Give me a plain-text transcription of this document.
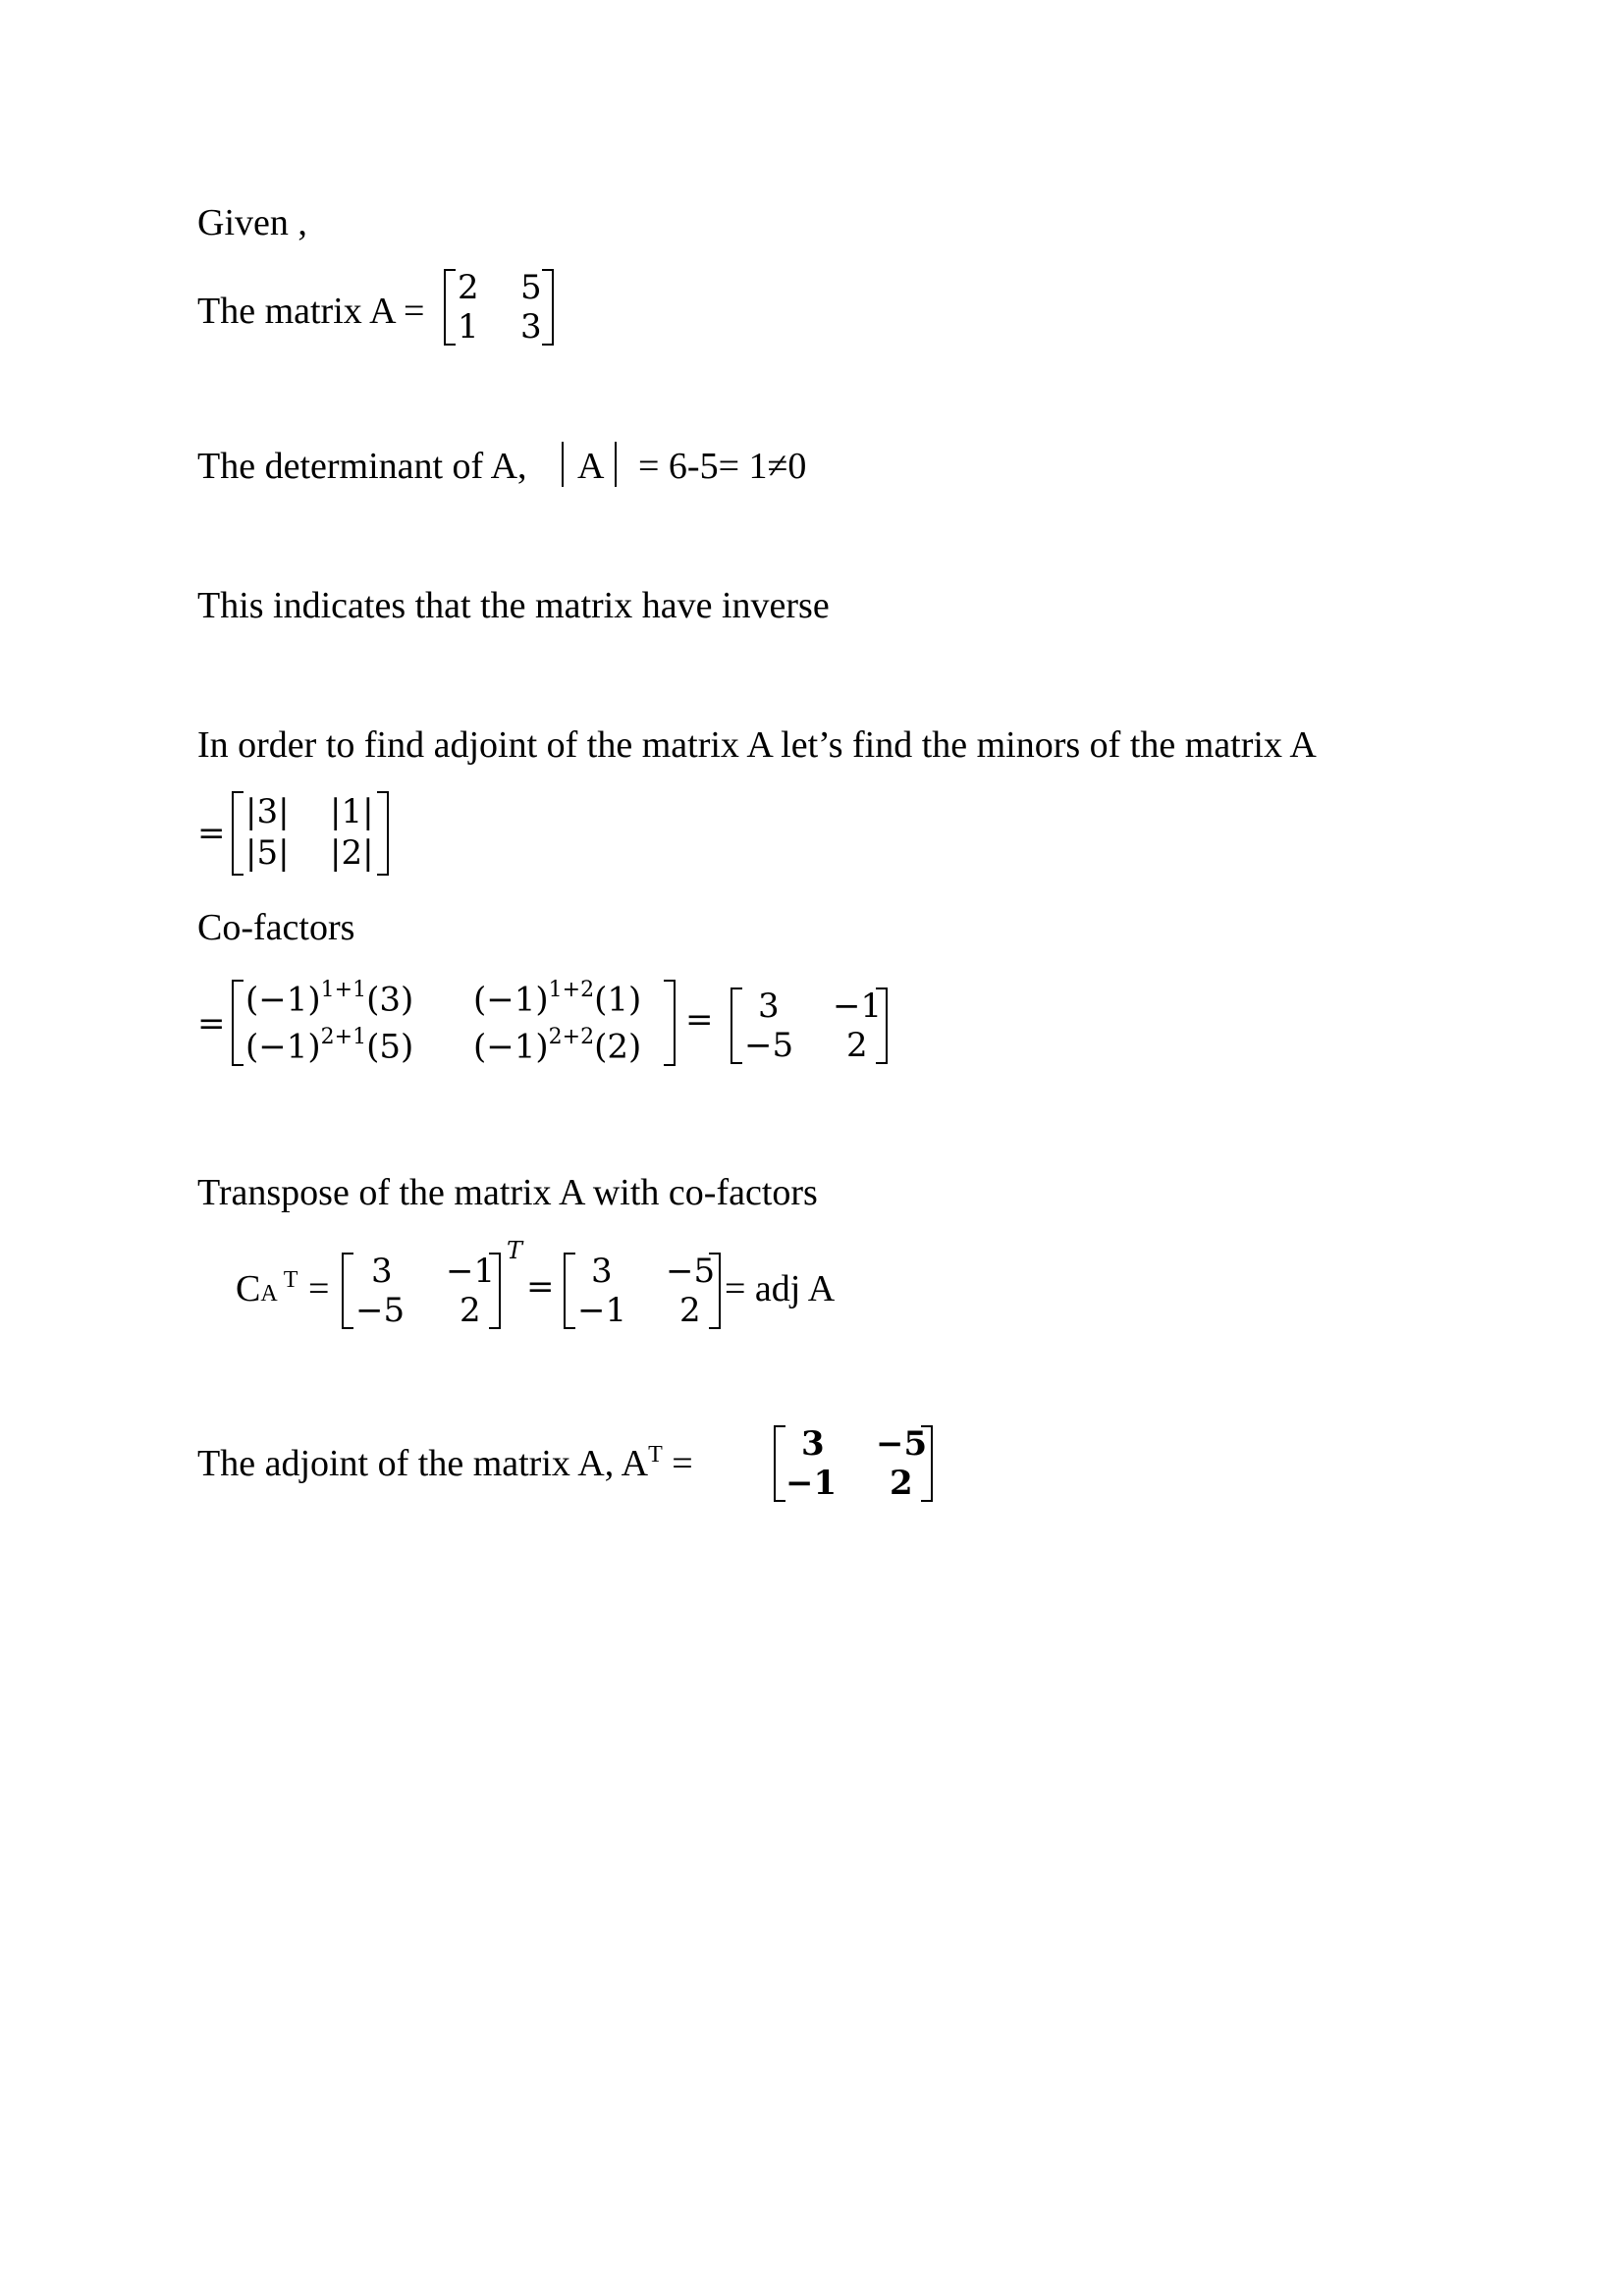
Given ,
The matrix A =
2 5
1 3
The determinant of A, A = 6-5= 1≠0
This indicates that the matrix have inverse
In order to find adjoint of the matrix A let’s find the minors of the matrix A
=
|3| |1|
|5| |2|
Co-factors
=
$(-1)^{1+1}(3)$ $(-1)^{1+2}(1)$
$(-1)^{2+1}(5)$ $(-1)^{2+2}(2)$
= 3 −1
−5 2
Transpose of the matrix A with co-factors
$CA^T = 3 -1$
−5 2
T
= 3 −5
−1 2
= adj A
The adjoint of the matrix A, $A^T$ =	3 −5
−1 2
